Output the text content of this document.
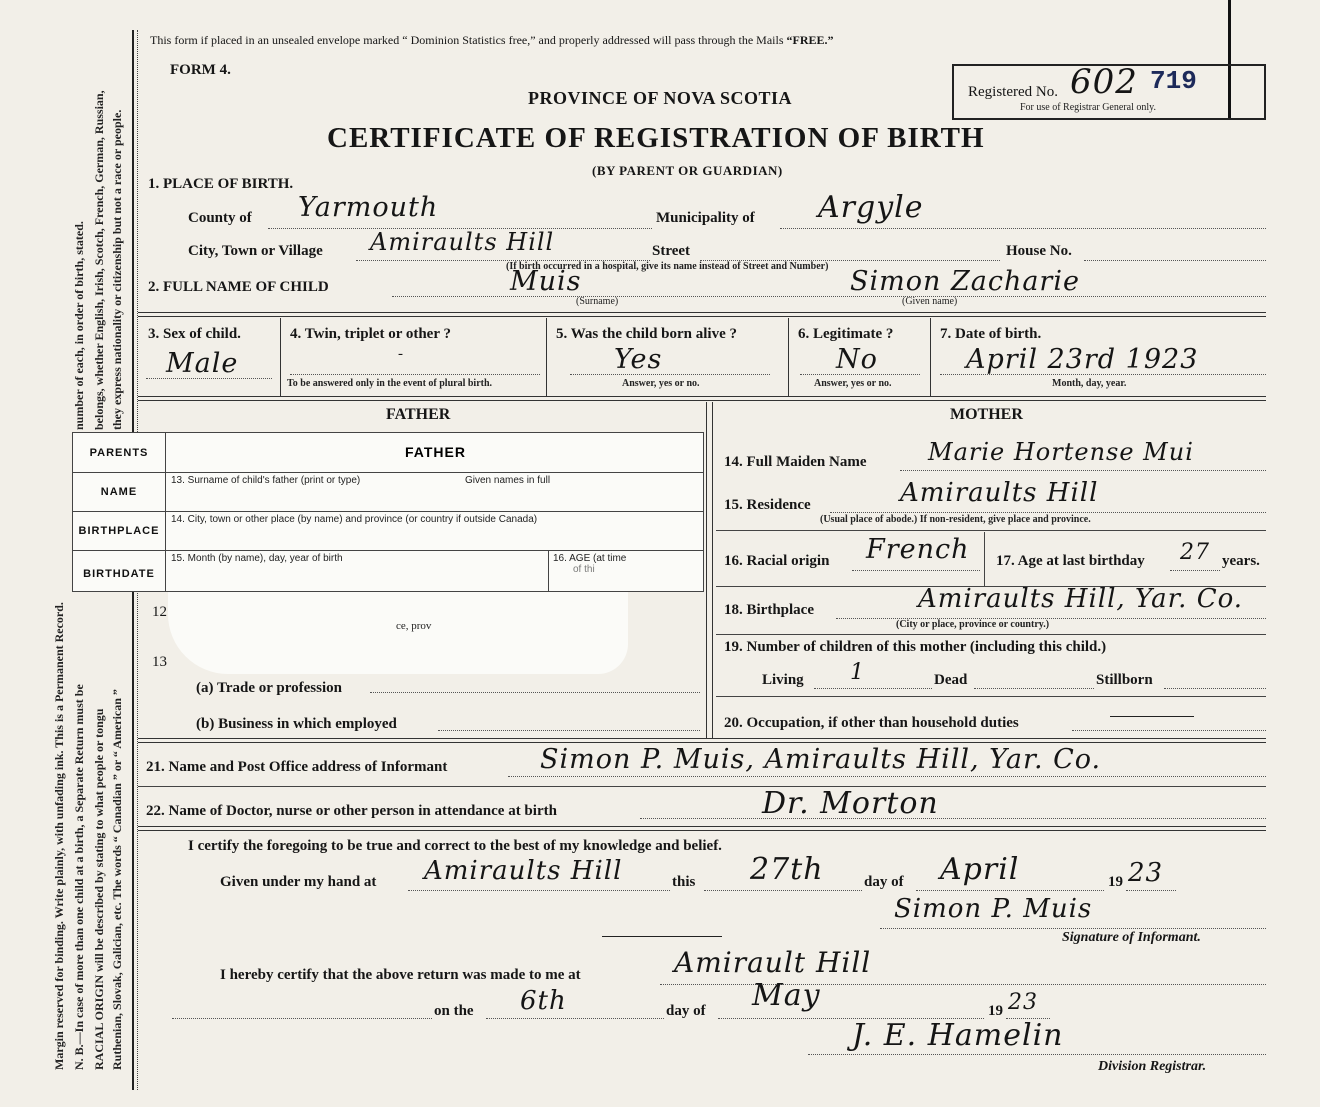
Margin reserved for binding. Write plainly, with unfading ink. This is a Permanent Record. N. B.—In case of more than one child at a birth, a Separate Return must be
number of each, in order of birth, stated.
RACIAL ORIGIN will be described by stating to what people or tongu
belongs, whether English, Irish, Scotch, French, German, Russian,
Ruthenian, Slovak, Galician, etc. The words “ Canadian ” or “ American ”
they express nationality or citizenship but not a race or people.
This form if placed in an unsealed envelope marked “ Dominion Statistics free,” and properly addressed will pass through the Mails “FREE.”
FORM 4.
PROVINCE OF NOVA SCOTIA
CERTIFICATE OF REGISTRATION OF BIRTH
(BY PARENT OR GUARDIAN)
Registered No. 602 719
For use of Registrar General only.
1. PLACE OF BIRTH.
County of Yarmouth	Municipality of Argyle
City, Town or Village Amiraults Hill	Street	House No.
(If birth occurred in a hospital, give its name instead of Street and Number)
2. FULL NAME OF CHILD	Muis
(Surname)
Simon Zacharie
(Given name)
3. Sex of child.
Male
4. Twin, triplet or other ?
-
To be answered only in the event of plural birth.
5. Was the child born alive ?
Yes
Answer, yes or no.
6. Legitimate ?
No
Answer, yes or no.
7. Date of birth.
April 23rd 1923
Month, day, year.
FATHER	MOTHER
12
13
ce, prov
(a) Trade or profession
(b) Business in which employed
PARENTS	FATHER
NAME
13. Surname of child's father (print or type)	Given names in full
BIRTHPLACE
14. City, town or other place (by name) and province (or country if outside Canada)
BIRTHDATE
15. Month (by name), day, year of birth	16. AGE (at time
of thi
14. Full Maiden Name	Marie Hortense Mui
15. Residence	Amiraults Hill
(Usual place of abode.) If non-resident, give place and province.
16. Racial origin French 17. Age at last birthday 27 years.
18. Birthplace	Amiraults Hill, Yar. Co.
(City or place, province or country.)
19. Number of children of this mother (including this child.)
Living 1	Dead	Stillborn
20. Occupation, if other than household duties
21. Name and Post Office address of Informant	Simon P. Muis, Amiraults Hill, Yar. Co.
22. Name of Doctor, nurse or other person in attendance at birth	Dr. Morton
I certify the foregoing to be true and correct to the best of my knowledge and belief.
Given under my hand at Amiraults Hill	this 27th	day of April	19 23
Simon P. Muis
Signature of Informant.
I hereby certify that the above return was made to me at	Amirault Hill
on the 6th	day of May	19 23
J. E. Hamelin
Division Registrar.
